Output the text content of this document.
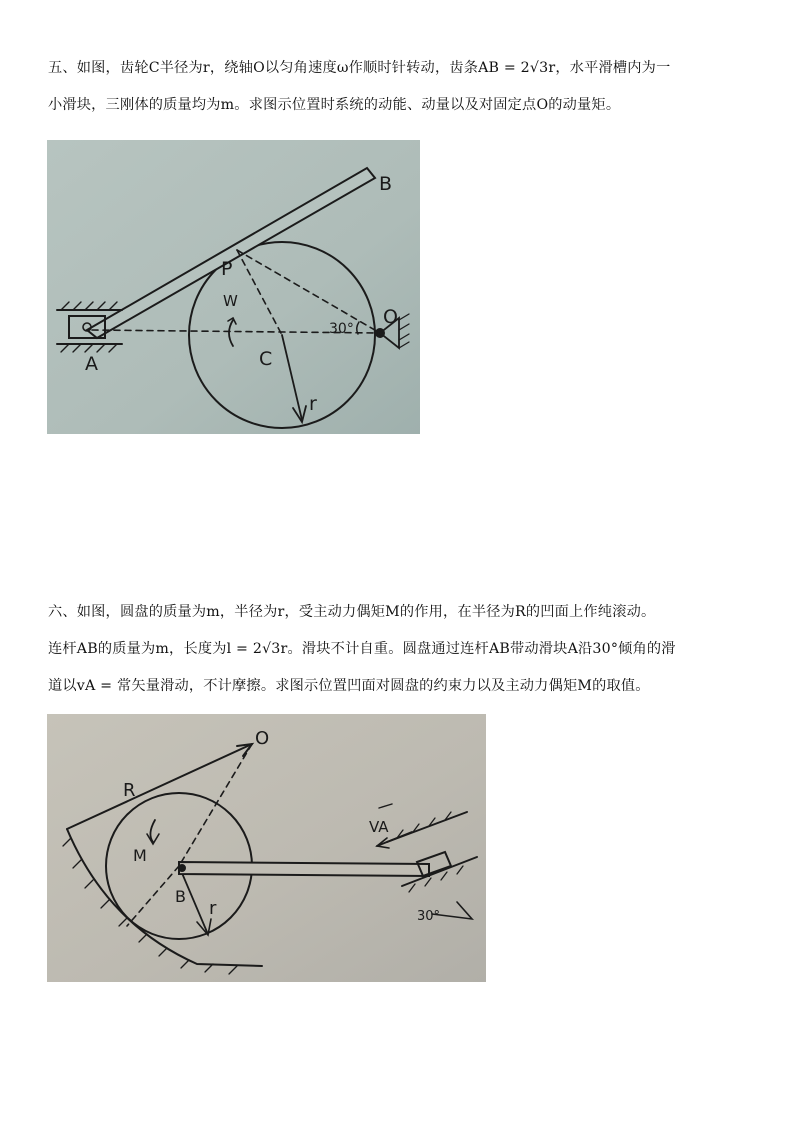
五、如图，齿轮C半径为r，绕轴O以匀角速度ω作顺时针转动，齿条AB = 2√3r，水平滑槽内为一
小滑块，三刚体的质量均为m。求图示位置时系统的动能、动量以及对固定点O的动量矩。
B
P
W
A	C
O
r
30°
六、如图，圆盘的质量为m，半径为r，受主动力偶矩M的作用，在半径为R的凹面上作纯滚动。
连杆AB的质量为m，长度为l = 2√3r。滑块不计自重。圆盘通过连杆AB带动滑块A沿30°倾角的滑
道以vA = 常矢量滑动，不计摩擦。求图示位置凹面对圆盘的约束力以及主动力偶矩M的取值。
O
R
M
B
r
VA
30°
